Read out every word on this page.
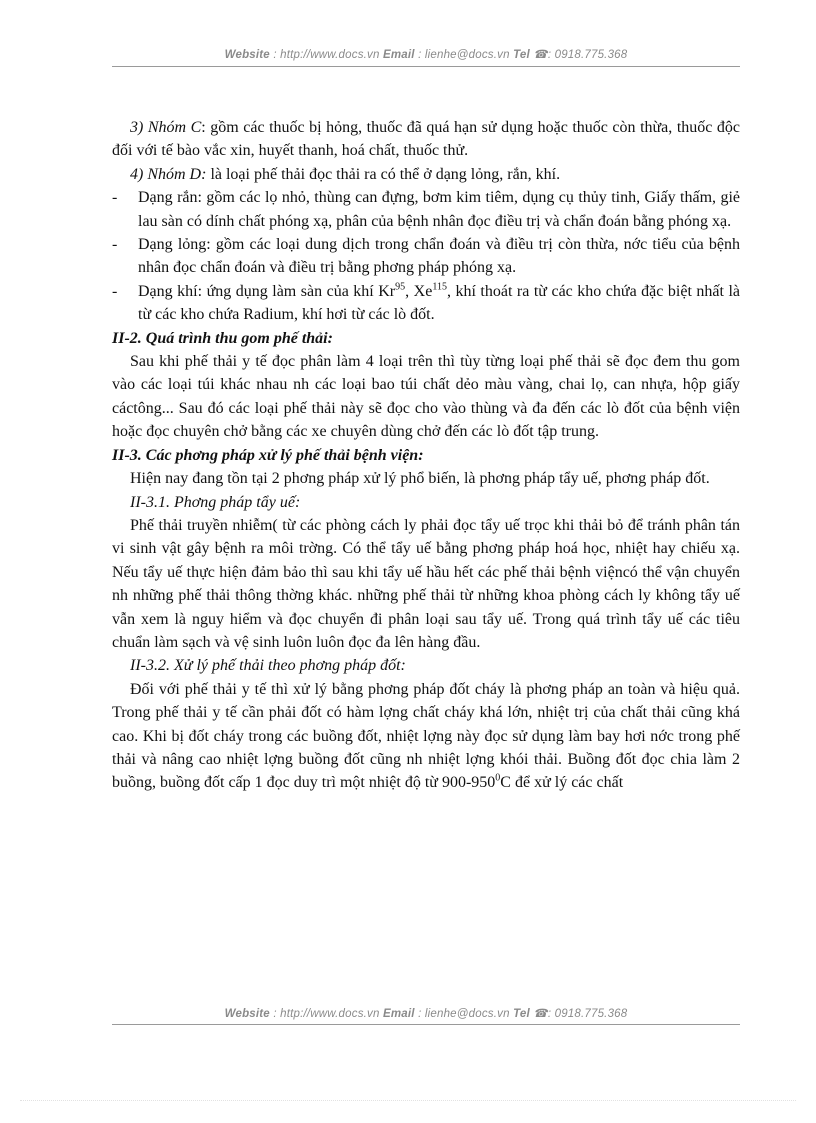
Website : http://www.docs.vn Email : lienhe@docs.vn Tel ☎: 0918.775.368

3) Nhóm C: gồm các thuốc bị hỏng, thuốc đã quá hạn sử dụng hoặc thuốc còn thừa, thuốc độc đối với tế bào vắc xin, huyết thanh, hoá chất, thuốc thử.

4) Nhóm D: là loại phế thải đọc thải ra có thể ở dạng lỏng, rắn, khí.

- Dạng rắn: gồm các lọ nhỏ, thùng can đựng, bơm kim tiêm, dụng cụ thủy tinh, Giấy thấm, giẻ lau sàn có dính chất phóng xạ, phân của bệnh nhân đọc điều trị và chẩn đoán bằng phóng xạ.

- Dạng lỏng: gồm các loại dung dịch trong chẩn đoán và điều trị còn thừa, nớc tiểu của bệnh nhân đọc chẩn đoán và điều trị bằng phơng pháp phóng xạ.

- Dạng khí: ứng dụng làm sàn của khí Kr$^{95}$, Xe$^{115}$, khí thoát ra từ các kho chứa đặc biệt nhất là từ các kho chứa Radium, khí hơi từ các lò đốt.

II-2. Quá trình thu gom phế thải:

Sau khi phế thải y tế đọc phân làm 4 loại trên thì tùy từng loại phế thải sẽ đọc đem thu gom vào các loại túi khác nhau nh các loại bao túi chất dẻo màu vàng, chai lọ, can nhựa, hộp giấy cáctông... Sau đó các loại phế thải này sẽ đọc cho vào thùng và đa đến các lò đốt của bệnh viện hoặc đọc chuyên chở bằng các xe chuyên dùng chở đến các lò đốt tập trung.

II-3. Các phơng pháp xử lý phế thải bệnh viện:

Hiện nay đang tồn tại 2 phơng pháp xử lý phổ biến, là phơng pháp tẩy uế, phơng pháp đốt.

II-3.1. Phơng pháp tẩy uế:

Phế thải truyền nhiễm( từ các phòng cách ly phải đọc tẩy uế trọc khi thải bỏ để tránh phân tán vi sinh vật gây bệnh ra môi trờng. Có thể tẩy uế bằng phơng pháp hoá học, nhiệt hay chiếu xạ. Nếu tẩy uế thực hiện đảm bảo thì sau khi tẩy uế hầu hết các phế thải bệnh việncó thể vận chuyển nh những phế thải thông thờng khác. những phế thải từ những khoa phòng cách ly không tẩy uế vẫn xem là nguy hiểm và đọc chuyển đi phân loại sau tẩy uế. Trong quá trình tẩy uế các tiêu chuẩn làm sạch và vệ sinh luôn luôn đọc đa lên hàng đầu.

II-3.2. Xử lý phế thải theo phơng pháp đốt:

Đối với phế thải y tế thì xử lý bằng phơng pháp đốt cháy là phơng pháp an toàn và hiệu quả. Trong phế thải y tế cần phải đốt có hàm lợng chất cháy khá lớn, nhiệt trị của chất thải cũng khá cao. Khi bị đốt cháy trong các buồng đốt, nhiệt lợng này đọc sử dụng làm bay hơi nớc trong phế thải và nâng cao nhiệt lợng buồng đốt cũng nh nhiệt lợng khói thải. Buồng đốt đọc chia làm 2 buồng, buồng đốt cấp 1 đọc duy trì một nhiệt độ từ $900-950^0C$ để xử lý các chất

Website : http://www.docs.vn Email : lienhe@docs.vn Tel ☎: 0918.775.368
